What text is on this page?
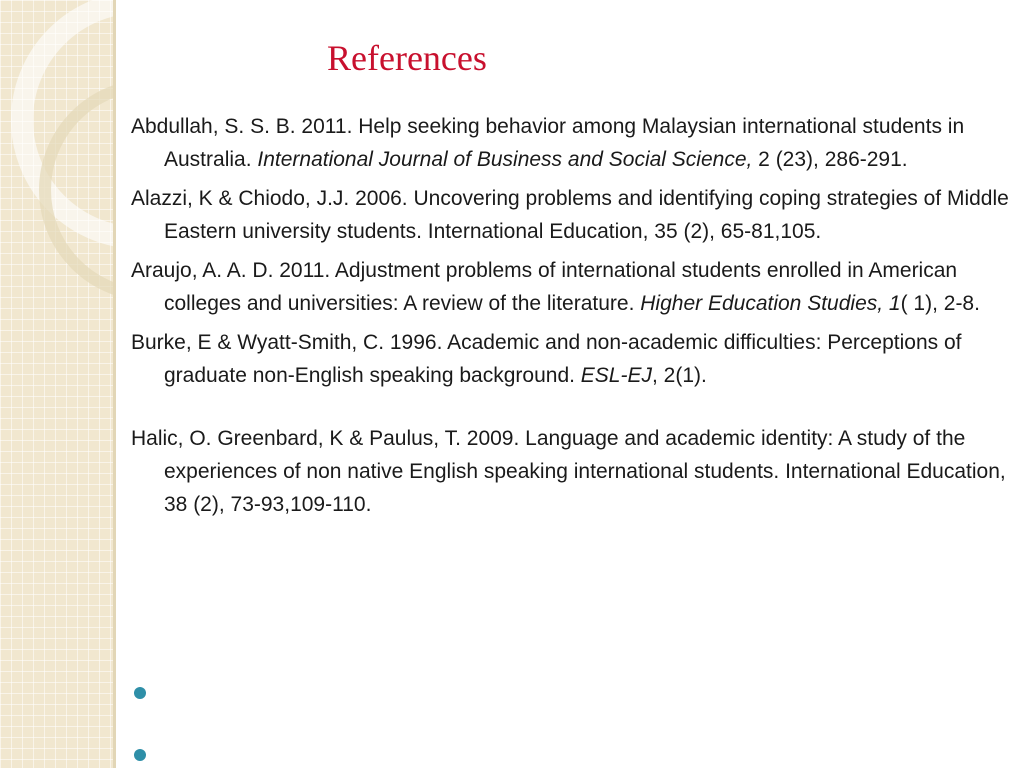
References

Abdullah, S. S. B. 2011. Help seeking behavior among Malaysian international students in Australia. International Journal of Business and Social Science, 2 (23), 286-291.

Alazzi, K & Chiodo, J.J. 2006. Uncovering problems and identifying coping strategies of Middle Eastern university students. International Education, 35 (2), 65-81,105.

Araujo, A. A. D. 2011. Adjustment problems of international students enrolled in American colleges and universities: A review of the literature. Higher Education Studies, 1( 1), 2-8.

Burke, E & Wyatt-Smith, C. 1996. Academic and non-academic difficulties: Perceptions of graduate non-English speaking background. ESL-EJ, 2(1).

Halic, O. Greenbard, K & Paulus, T. 2009. Language and academic identity: A study of the experiences of non native English speaking international students. International Education, 38 (2), 73-93,109-110.
